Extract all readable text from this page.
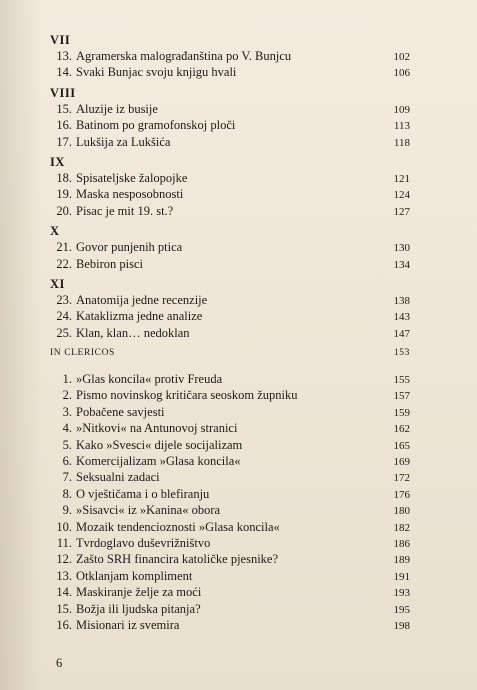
VII
13. Agramerska malograđanština po V. Bunjcu	102
14. Svaki Bunjac svoju knjigu hvali	106
VIII
15. Aluzije iz busije	109
16. Batinom po gramofonskoj ploči	113
17. Lukšija za Lukšića	118
IX
18. Spisateljske žalopojke	121
19. Maska nesposobnosti	124
20. Pisac je mit 19. st.?	127
X
21. Govor punjenih ptica	130
22. Bebiron pisci	134
XI
23. Anatomija jedne recenzije	138
24. Kataklizma jedne analize	143
25. Klan, klan… nedoklan	147
IN CLERICOS	153
1. »Glas koncila« protiv Freuda	155
2. Pismo novinskog kritičara seoskom župniku	157
3. Pobačene savjesti	159
4. »Nitkovi« na Antunovoj stranici	162
5. Kako »Svesci« dijele socijalizam	165
6. Komercijalizam »Glasa koncila«	169
7. Seksualni zadaci	172
8. O vještičama i o blefiranju	176
9. »Sisavci« iz »Kanina« obora	180
10. Mozaik tendencioznosti »Glasa koncila«	182
11. Tvrdoglavo duševrižništvo	186
12. Zašto SRH financira katoličke pjesnike?	189
13. Otklanjam kompliment	191
14. Maskiranje želje za moći	193
15. Božja ili ljudska pitanja?	195
16. Misionari iz svemira	198
6
